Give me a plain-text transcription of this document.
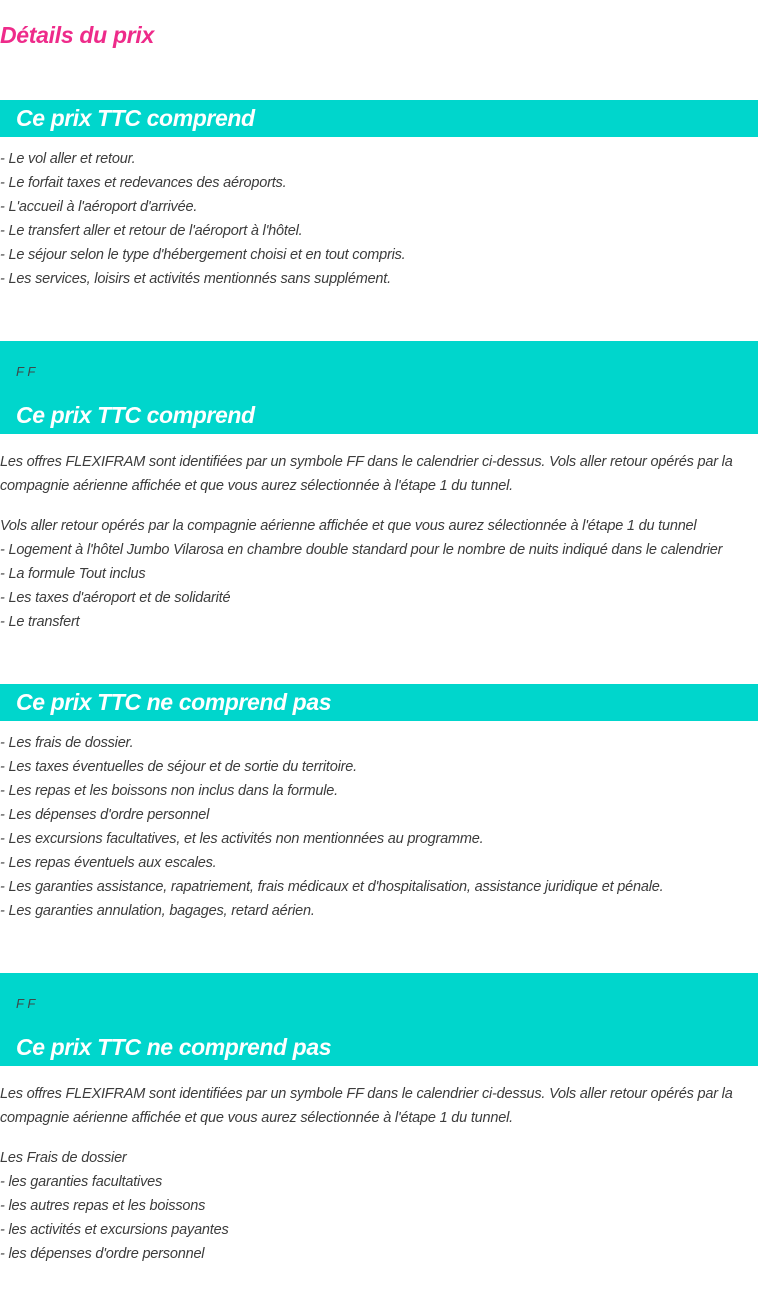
Détails du prix
Ce prix TTC comprend
- Le vol aller et retour.
- Le forfait taxes et redevances des aéroports.
- L'accueil à l'aéroport d'arrivée.
- Le transfert aller et retour de l'aéroport à l'hôtel.
- Le séjour selon le type d'hébergement choisi et en tout compris.
- Les services, loisirs et activités mentionnés sans supplément.
F F
Ce prix TTC comprend
Les offres FLEXIFRAM sont identifiées par un symbole FF dans le calendrier ci-dessus. Vols aller retour opérés par la compagnie aérienne affichée et que vous aurez sélectionnée à l'étape 1 du tunnel.
Vols aller retour opérés par la compagnie aérienne affichée et que vous aurez sélectionnée à l'étape 1 du tunnel
- Logement à l'hôtel Jumbo Vilarosa en chambre double standard pour le nombre de nuits indiqué dans le calendrier
- La formule Tout inclus
- Les taxes d'aéroport et de solidarité
- Le transfert
Ce prix TTC ne comprend pas
- Les frais de dossier.
- Les taxes éventuelles de séjour et de sortie du territoire.
- Les repas et les boissons non inclus dans la formule.
- Les dépenses d'ordre personnel
- Les excursions facultatives, et les activités non mentionnées au programme.
- Les repas éventuels aux escales.
- Les garanties assistance, rapatriement, frais médicaux et d'hospitalisation, assistance juridique et pénale.
- Les garanties annulation, bagages, retard aérien.
F F
Ce prix TTC ne comprend pas
Les offres FLEXIFRAM sont identifiées par un symbole FF dans le calendrier ci-dessus. Vols aller retour opérés par la compagnie aérienne affichée et que vous aurez sélectionnée à l'étape 1 du tunnel.
Les Frais de dossier
- les garanties facultatives
- les autres repas et les boissons
- les activités et excursions payantes
- les dépenses d'ordre personnel
